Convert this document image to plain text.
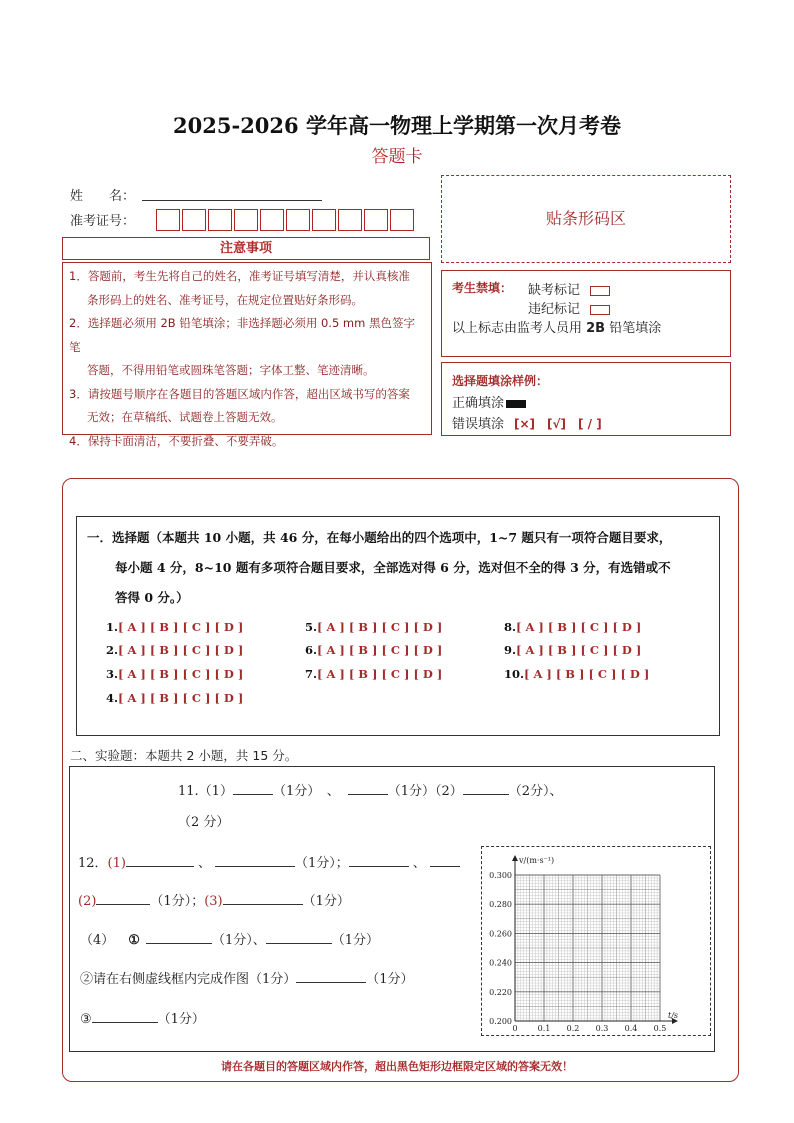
2025-2026 学年高一物理上学期第一次月考卷
答题卡
姓　　名：
准考证号：
注意事项

1．答题前，考生先将自己的姓名，准考证号填写清楚，并认真核准

条形码上的姓名、准考证号，在规定位置贴好条形码。

2．选择题必须用 2B 铅笔填涂；非选择题必须用 0.5 mm 黑色签字笔

答题，不得用铅笔或圆珠笔答题；字体工整、笔迹清晰。

3．请按题号顺序在各题目的答题区域内作答，超出区域书写的答案

无效；在草稿纸、试题卷上答题无效。

4．保持卡面清洁，不要折叠、不要弄破。

贴条形码区
考生禁填： 缺考标记
违纪标记
以上标志由监考人员用 2B 铅笔填涂
选择题填涂样例：
正确填涂
错误填涂 [×]　[√]　[ / ]

一．选择题（本题共 10 小题，共 46 分，在每小题给出的四个选项中，1~7 题只有一项符合题目要求，

每小题 4 分，8~10 题有多项符合题目要求，全部选对得 6 分，选对但不全的得 3 分，有选错或不

答得 0 分。）

1.[ A ] [ B ] [ C ] [ D ]
2.[ A ] [ B ] [ C ] [ D ]
3.[ A ] [ B ] [ C ] [ D ]
4.[ A ] [ B ] [ C ] [ D ]
5.[ A ] [ B ] [ C ] [ D ]
6.[ A ] [ B ] [ C ] [ D ]
7.[ A ] [ B ] [ C ] [ D ]
8.[ A ] [ B ] [ C ] [ D ]
9.[ A ] [ B ] [ C ] [ D ]
10.[ A ] [ B ] [ C ] [ D ]
二、实验题：本题共 2 小题，共 15 分。
11.（1）	（1分）　、	（1分）（2）	（2分）、
（2 分）
12．(1)	、	（1分）；	、
(2)	（1分）；(3)	（1分）
（4） ①	（1分）、	（1分）
②请在右侧虚线框内完成作图（1分）	（1分）
③	（1分）
0	0.1 0.2 0.3 0.4 0.5
0.200
0.220
0.240
0.260
0.280
0.300
t/s
v/(m·s⁻¹)
请在各题目的答题区域内作答，超出黑色矩形边框限定区域的答案无效！
